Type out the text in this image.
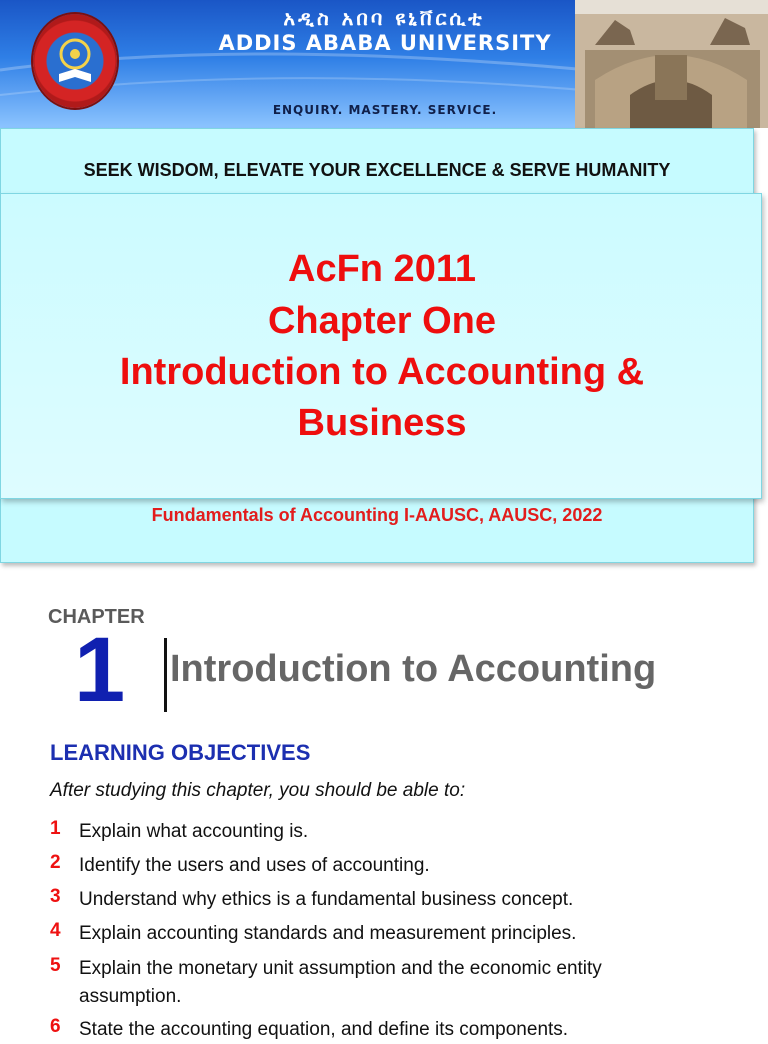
አዲስ አበባ ዩኒቨርሲቲ
ADDIS ABABA UNIVERSITY
ENQUIRY. MASTERY. SERVICE.
SEEK WISDOM, ELEVATE YOUR EXCELLENCE & SERVE HUMANITY
AcFn 2011
Chapter One
Introduction to Accounting &
Business
Fundamentals of Accounting I-AAUSC, AAUSC, 2022
CHAPTER
1 Introduction to Accounting
LEARNING OBJECTIVES
After studying this chapter, you should be able to:
1 Explain what accounting is.
2 Identify the users and uses of accounting.
3 Understand why ethics is a fundamental business concept.
4 Explain accounting standards and measurement principles.
5 Explain the monetary unit assumption and the economic entity assumption.
6 State the accounting equation, and define its components.
